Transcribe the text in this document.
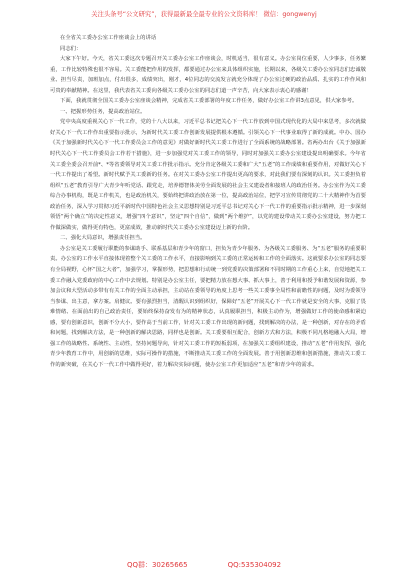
关注头条号“公文研究”，获得最新最全最专业的公文资料库！ 微信：gongwenyj

在全省关工委办公室工作座谈会上的讲话

同志们：

大家下午好。今天，省关工委这次专题召开关工委办公室工作座谈会，时机适当，很有意义。办公室岗位重要，人少事多，任务繁重，工作比较特殊也很不容易。关工委能把作用的发挥，都要通过办公室来具体组织实施，长期以来，各级关工委办公室同志们忠诚敬业、担当尽责，加班加点，付出很多，成绩突出，刚才，4位同志的交流发言就充分体现了办公室过硬的政治品质、扎实的工作作风和可贵的奉献精神。在这里，我代表省关工委向各级关工委办公室的同志们道一声辛苦，向大家表示衷心的感谢！

下面，我就贯彻全国关工委办公室座谈会精神，完成省关工委部署的年度工作任务，做好办公室工作讲3点意见，供大家参考。

一、把握形势任务，提高政治站位。

党中央高度重视关心下一代工作，党的十八大以来，习近平总书记把关心下一代工作放到中国式现代化的大局中来思考，多次就做好关心下一代工作作出重要指示批示，为新时代关工委工作创新发展提供根本遵循。引领关心下一代事业取得了新的成就。中办、国办《关于加强新时代关心下一代工作委员会工作的意见》对做好新时代关工委工作进行了全面系统的战略部署。省两办出台《关于加强新时代关心下一代工作委员会工作若干措施》，进一步加强党对关工委工作的领导，同时对加强关工委办公室建设提出明确要求。今年省关工委全委会召开前*、*等省委领导对关工委工作批示指示。充分肯定各级关工委和广大“五老”的工作成绩和重要作用，对做好关心下一代工作提出了希望。新时代赋予关工委新的任务。在对关工委办公室工作提出更高的要求，对此我们要有深刻的认识。关工委担负着组织“五老”教育引导广大青少年听党话、跟党走，培养德智体美劳全面发展的社会主义建设者和接班人的政治任务。办公室作为关工委综合办事机构，既是工作机关，也是政治机关，要始终把讲政治放在第一位，提高政治站位，把学习宣传贯彻党的二十大精神作为首要政治任务，深入学习贯彻习近平新时代中国特色社会主义思想特别是习近平总书记对关心下一代工作的重要指示批示精神，进一步深刻领悟“两个确立”的决定性意义，增强“四个意识”，坚定“四个自信”，做到“两个维护”，以党的建设带动关工委办公室建设，努力把工作做深做实，做得更有特色，更富成效，推动新时代关工委办公室建设迈上新的台阶。

二、强化大局意识，增强责任担当。

办公室是关工委履行职能的参谋助手、联系基层和青少年的窗口，担负为青少年服务、为各级关工委服务、为“五老”服务的重要职责。办公室的工作水平直接体现着整个关工委的工作水平，直接影响到关工委的正常运转和工作的全面落实。这就要求办公室的同志要有全局视野，心怀“国之大者”，加强学习，掌握形势，把思想和行动统一到党委的决策部署和不同时期的工作重心上来，自觉地把关工委工作融入党委政府的中心工作中去规划。特别是办公室主任，要把精力放在想大事、抓大事上，善于利用和授予和谐发展和资源，参加会议和大型活动多带有有关工作的全面主动承担，主动站在委领导的角度上思考一些关工委事全局性和前瞻性的问题，及时为委领导当参谋、出主意，拿方案。肩健议。要有强烈担当，清醒认识到组织好，保障好“五老”开展关心下一代工作就是安全的大事，克服了畏难情绪、在面前出的自己政治责任，要始终保持奋发有为的精神状态，认真履职担当，积极主动作为，增强做好工作的使命感和紧迫感，要有创新意识，创新不分大小，要作高于当前工作，针对关工委工作出现的新问题，找到解决的办法，是一种创新，对存在的矛盾和问题，找到解决方法，是一种创新的解决思路，同样也是创新。关工委要相互配合，创新方式和方法，积极不同凡格地融入大局，增强工作的战略性、系统性、主动性，坚持问题导向，针对关工委工作的短板弱项，在加强关工委组织建设，推动“五老”作用发挥，强化青少年教育工作中，用创新的思维，实际可操作的措施，不断推动关工委工作的全面发展。善于用创新思维和创新措施，推动关工委工作的新突破，在关心下一代工作中做得更好，着力解决实际问题，使办公室工作更加适应“五老”和青少年的需求。

QQ群：30265665	QQ:535304092
